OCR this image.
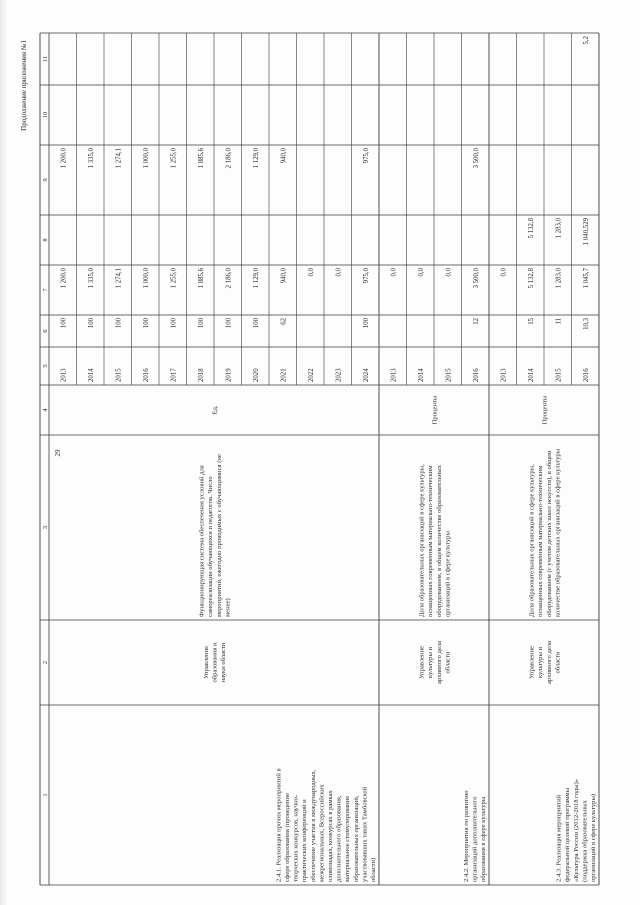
Продолжение приложения №1
29
1
2
3
4
5
6
7
8
9
10
11
2013
100
1 200,0
1 200,0
2014
100
1 335,0
1 335,0
2015
100
1 274,1
1 274,1
2016
100
1 000,0
1 000,0
2017
100
1 255,0
1 255,0
2018
100
1 885,6
1 885,6
2019
100
2 186,0
2 186,0
2020
100
1 129,0
1 129,0
2021
62
940,0
940,0
2022
0,0
2023
0,0
2024
100
975,0
975,0
2.4.1. Реализация прочих мероприятий в сфере образования (проведение творческих конкурсов, научно- практических конференций и обеспечение участия в международных, межрегиональных, Всероссийских олимпиадах, конкурсах в рамках дополнительного образования, материальное стимулирование образовательных организаций, участвовавших таких Тамбовской области)
Управление образования и науки области
Функционирующая система обеспечения условий для самореализации обучающихся и педагогов. Число мероприятий, ежегодно проводимых с обучающимися (не менее)
Ед.
2013
0,0
2014
0,0
2015
0,0
2016
12
3 500,0
3 500,0
2.4.2. Мероприятия по развитию организаций дополнительного образования в сфере культуры
Управление культуры и архивного дела области
Доля образовательных организаций в сфере культуры, оснащенных современным материально-техническим оборудованием, в общем количестве образовательных организаций в сфере культуры
Проценты
2013
0,0
2014
15
5 132,8
5 132,8
2015
11
1 283,0
1 283,0
2016
10,3
1 045,7
1 040,529
5,2
2.4.3. Реализация мероприятий федеральной целевой программы «Культура России (2012-2018 годы)» (поддержка образовательных организаций в сфере культуры)
Управление культуры и архивного дела области
Доля образовательных организаций в сфере культуры, оснащенных современным материально-техническим оборудованием (с учетом детских школ искусств), в общем количестве образовательных организаций в сфере культуры
Проценты
